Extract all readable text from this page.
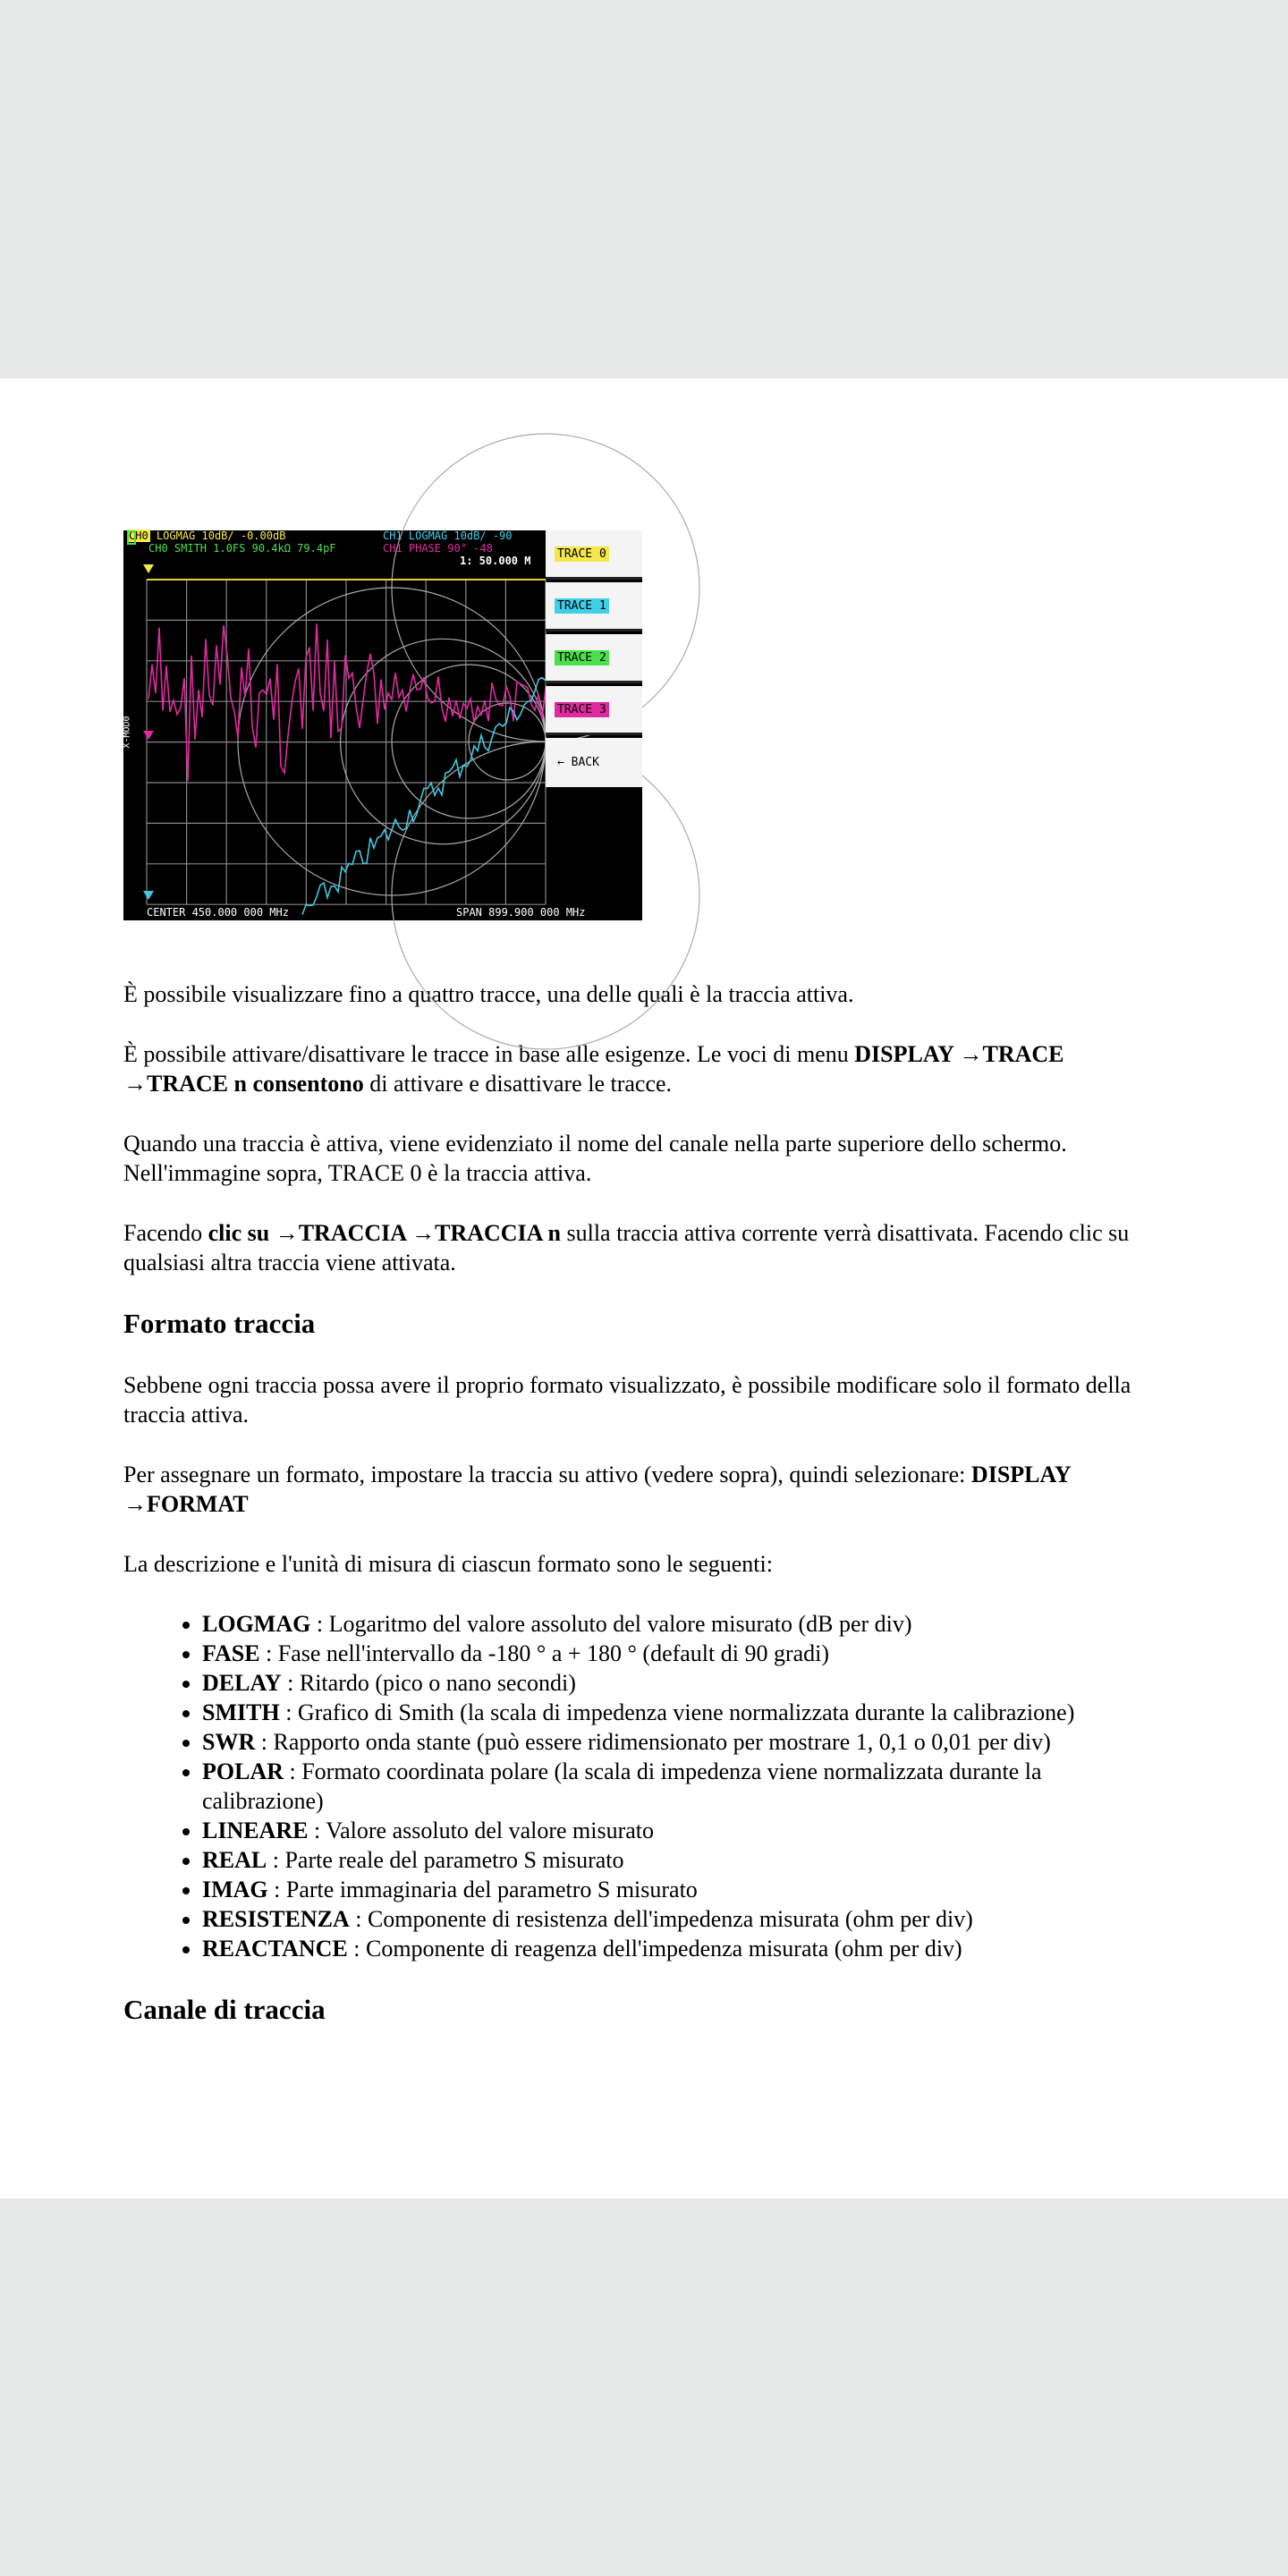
CH0 LOGMAG 10dB/ -0.00dB	CH1 LOGMAG 10dB/ -90
CH0 SMITH 1.0FS 90.4kΩ 79.4pF	CH1 PHASE 90° -48
1: 50.000 M
X-MOD0
CENTER 450.000 000 MHz	SPAN 899.900 000 MHz
TRACE 0
TRACE 1
TRACE 2
TRACE 3
← BACK

È possibile visualizzare fino a quattro tracce, una delle quali è la traccia attiva.

È possibile attivare/disattivare le tracce in base alle esigenze. Le voci di menu DISPLAY →TRACE →TRACE n consentono di attivare e disattivare le tracce.

Quando una traccia è attiva, viene evidenziato il nome del canale nella parte superiore dello schermo. Nell'immagine sopra, TRACE 0 è la traccia attiva.

Facendo clic su →TRACCIA →TRACCIA n sulla traccia attiva corrente verrà disattivata. Facendo clic su qualsiasi altra traccia viene attivata.

Formato traccia

Sebbene ogni traccia possa avere il proprio formato visualizzato, è possibile modificare solo il formato della traccia attiva.

Per assegnare un formato, impostare la traccia su attivo (vedere sopra), quindi selezionare: DISPLAY →FORMAT

La descrizione e l'unità di misura di ciascun formato sono le seguenti:

• LOGMAG : Logaritmo del valore assoluto del valore misurato (dB per div)
• FASE : Fase nell'intervallo da -180 ° a + 180 ° (default di 90 gradi)
• DELAY : Ritardo (pico o nano secondi)
• SMITH : Grafico di Smith (la scala di impedenza viene normalizzata durante la calibrazione)
• SWR : Rapporto onda stante (può essere ridimensionato per mostrare 1, 0,1 o 0,01 per div)
• POLAR : Formato coordinata polare (la scala di impedenza viene normalizzata durante la calibrazione)
• LINEARE : Valore assoluto del valore misurato
• REAL : Parte reale del parametro S misurato
• IMAG : Parte immaginaria del parametro S misurato
• RESISTENZA : Componente di resistenza dell'impedenza misurata (ohm per div)
• REACTANCE : Componente di reagenza dell'impedenza misurata (ohm per div)
Canale di traccia
